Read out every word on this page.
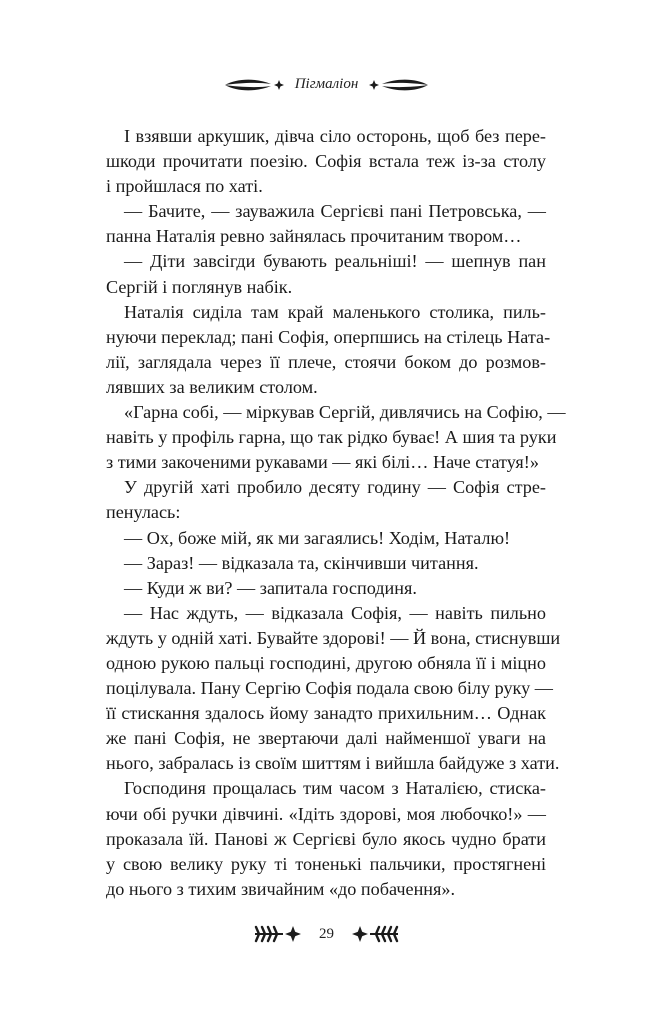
Пігмаліон

І взявши аркушик, дівча сіло осторонь, щоб без пере-
шкоди прочитати поезію. Софія встала теж із-за столу
і пройшлася по хаті.

— Бачите, — зауважила Сергієві пані Петровська, —
панна Наталія ревно зайнялась прочитаним твором…

— Діти завсігди бувають реальніші! — шепнув пан
Сергій і поглянув набік.

Наталія сиділа там край маленького столика, пиль-
нуючи переклад; пані Софія, оперпшись на стілець Ната-
лії, заглядала через її плече, стоячи боком до розмов-
лявших за великим столом.

«Гарна собі, — міркував Сергій, дивлячись на Софію, —
навіть у профіль гарна, що так рідко буває! А шия та руки
з тими закоченими рукавами — які білі… Наче статуя!»

У другій хаті пробило десяту годину — Софія стре-
пенулась:

— Ох, боже мій, як ми загаялись! Ходім, Наталю!

— Зараз! — відказала та, скінчивши читання.

— Куди ж ви? — запитала господиня.

— Нас ждуть, — відказала Софія, — навіть пильно
ждуть у одній хаті. Бувайте здорові! — Й вона, стиснувши
одною рукою пальці господині, другою обняла її і міцно
поцілувала. Пану Сергію Софія подала свою білу руку —
її стискання здалось йому занадто прихильним… Однак
же пані Софія, не звертаючи далі найменшої уваги на
нього, забралась із своїм шиттям і вийшла байдуже з хати.

Господиня прощалась тим часом з Наталією, стиска-
ючи обі ручки дівчині. «Ідіть здорові, моя любочко!» —
проказала їй. Панові ж Сергієві було якось чудно брати
у свою велику руку ті тоненькі пальчики, простягнені
до нього з тихим звичайним «до побачення».

29
